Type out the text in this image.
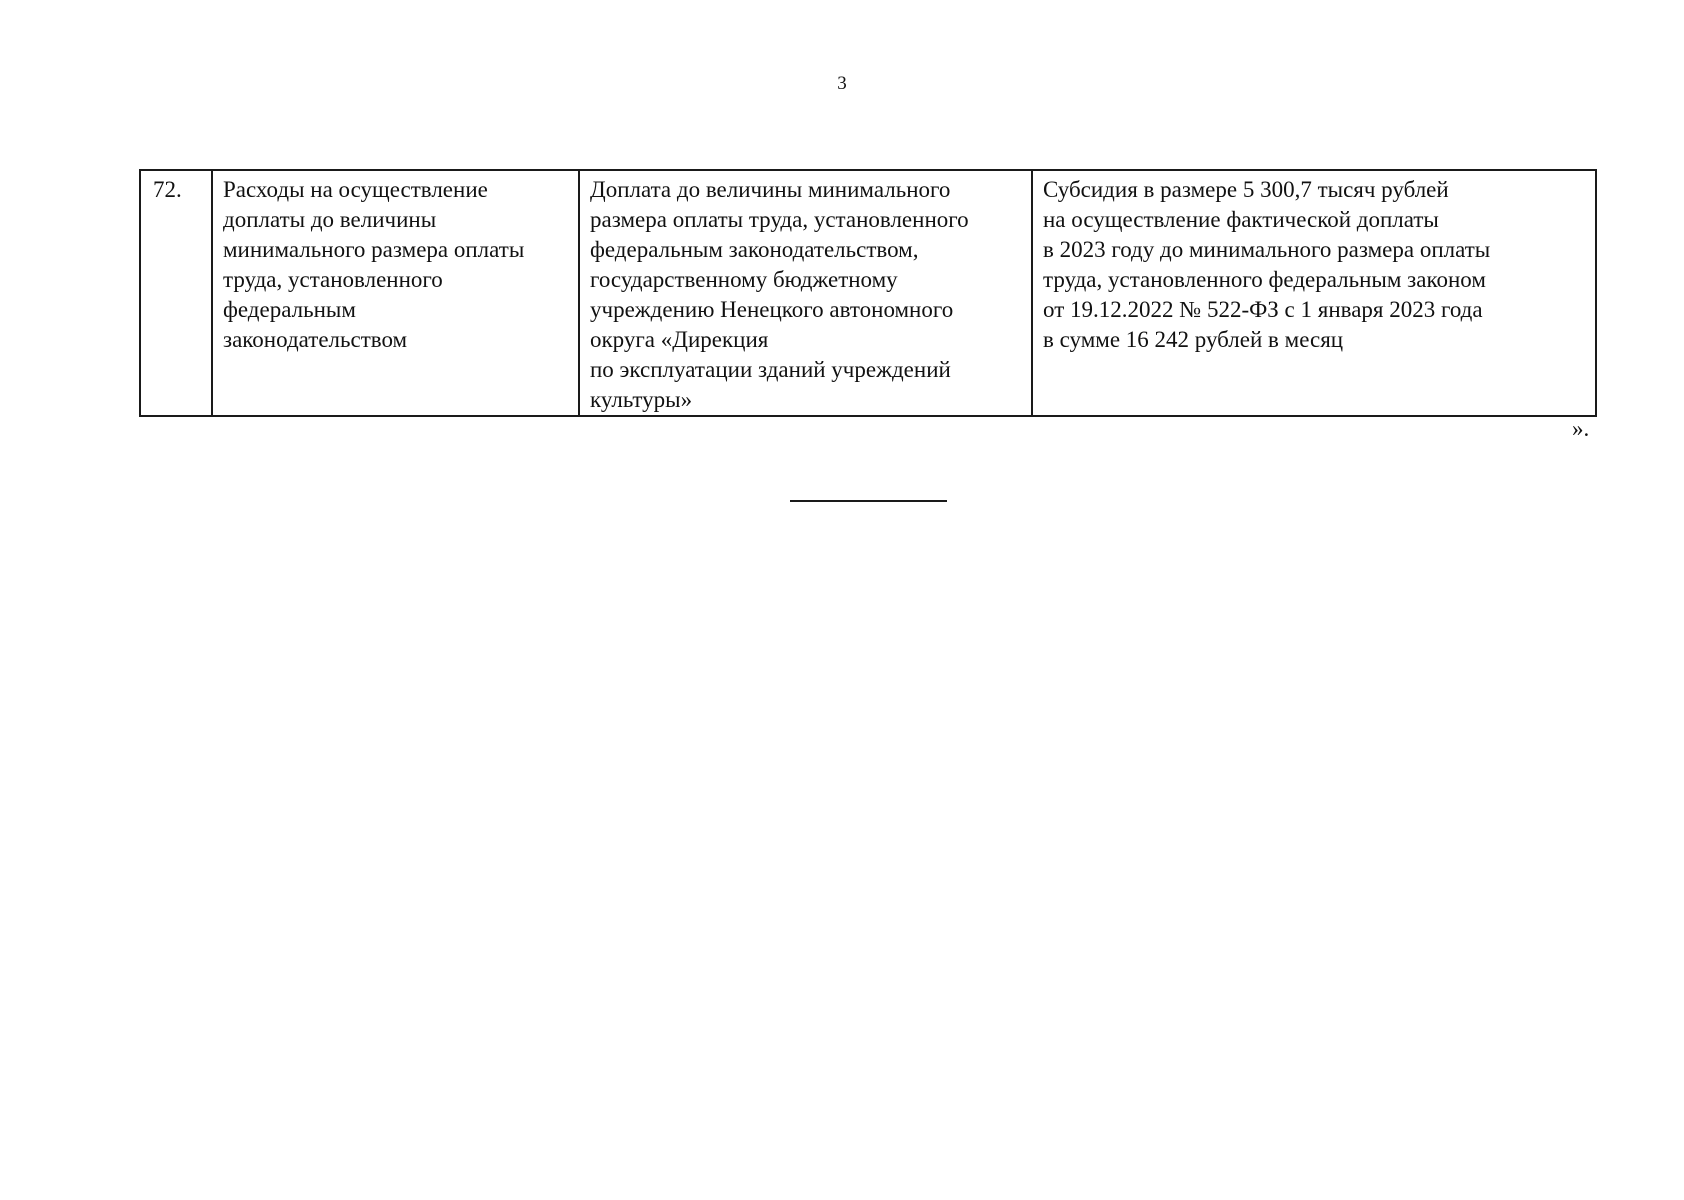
3
72.	Расходы на осуществление
доплаты до величины
минимального размера оплаты
труда, установленного
федеральным
законодательством	Доплата до величины минимального
размера оплаты труда, установленного
федеральным законодательством,
государственному бюджетному
учреждению Ненецкого автономного
округа «Дирекция
по эксплуатации зданий учреждений
культуры»	Субсидия в размере 5 300,7 тысяч рублей
на осуществление фактической доплаты
в 2023 году до минимального размера оплаты
труда, установленного федеральным законом
от 19.12.2022 № 522-ФЗ с 1 января 2023 года
в сумме 16 242 рублей в месяц
».
